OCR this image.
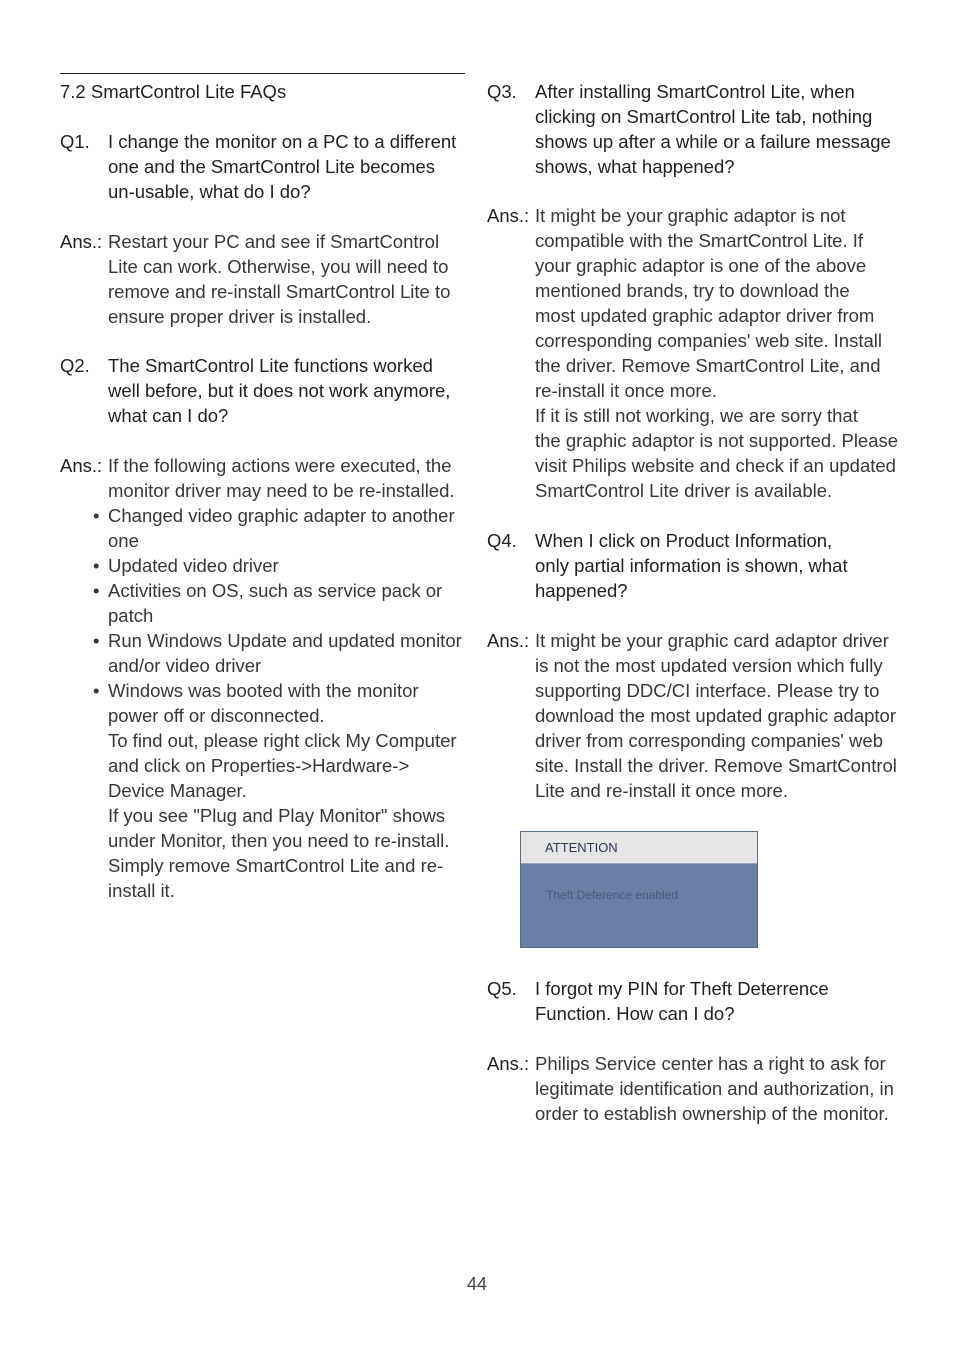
7.2 SmartControl Lite FAQs
Q1. I change the monitor on a PC to a different
one and the SmartControl Lite becomes
un-usable, what do I do?
Ans.: Restart your PC and see if SmartControl
Lite can work. Otherwise, you will need to
remove and re-install SmartControl Lite to
ensure proper driver is installed.
Q2. The SmartControl Lite functions worked
well before, but it does not work anymore,
what can I do?
Ans.: If the following actions were executed, the
monitor driver may need to be re-installed.
• Changed video graphic adapter to another
one
• Updated video driver
• Activities on OS, such as service pack or
patch
• Run Windows Update and updated monitor
and/or video driver
• Windows was booted with the monitor
power off or disconnected.
To find out, please right click My Computer
and click on Properties->Hardware->
Device Manager.
If you see "Plug and Play Monitor" shows
under Monitor, then you need to re-install.
Simply remove SmartControl Lite and re-
install it.
Q3. After installing SmartControl Lite, when
clicking on SmartControl Lite tab, nothing
shows up after a while or a failure message
shows, what happened?
Ans.: It might be your graphic adaptor is not
compatible with the SmartControl Lite. If
your graphic adaptor is one of the above
mentioned brands, try to download the
most updated graphic adaptor driver from
corresponding companies' web site. Install
the driver. Remove SmartControl Lite, and
re-install it once more.
If it is still not working, we are sorry that
the graphic adaptor is not supported. Please
visit Philips website and check if an updated
SmartControl Lite driver is available.
Q4. When I click on Product Information,
only partial information is shown, what
happened?
Ans.: It might be your graphic card adaptor driver
is not the most updated version which fully
supporting DDC/CI interface. Please try to
download the most updated graphic adaptor
driver from corresponding companies' web
site. Install the driver. Remove SmartControl
Lite and re-install it once more.
Q5. I forgot my PIN for Theft Deterrence
Function. How can I do?
Ans.: Philips Service center has a right to ask for
legitimate identification and authorization, in
order to establish ownership of the monitor.
ATTENTION
Theft Deference enabled
44
